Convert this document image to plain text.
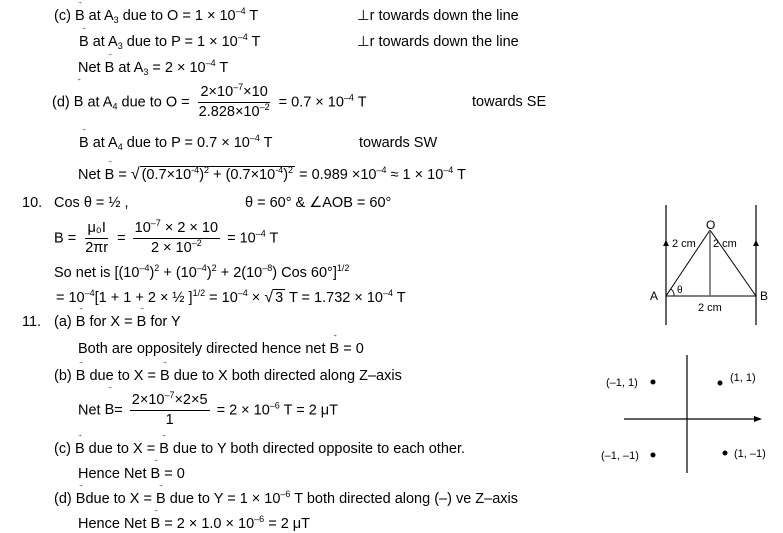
(c) → B at $A_3$ due to $O = 1 \times 10^{-4}$ T	⊥r towards down the line
→ B at $A_3$ due to $P = 1 \times 10^{-4}$ T	⊥r towards down the line
Net → B at $A_3 = 2 \times 10^{-4}$ T
(d) → B at $A_4$ due to $O = \frac{2\times 10^{-7}\times 10}{2.828\times 10^{-2}} = 0.7 \times 10^{-4}$ T	towards SE
→ B at $A_4$ due to $P = 0.7 \times 10^{-4}$ T	towards SW
Net → B = √ $(0.7\times 10^{-4})^2 + (0.7\times 10^{-4})^2 = 0.989 \times 10^{-4} \approx 1 \times 10^{-4}$ T
10. Cos θ = ½ ,	θ = 60° & ∠AOB = 60°
$B = \frac{\text{μ₀I}}{2\pi r} = \frac{10^{-7} \times 2 \times 10}{2 \times 10^{-2}} = 10^{-4}$ T
So net is [$(10^{-4})^2 + (10^{-4})^2 + 2(10^{-8})$ Cos 60°]$^{1/2}$
= $10^{-4}[1 + 1 + 2$ × ½ ]$^{1/2} = 10^{-4}$ × √ 3 $T = 1.732 \times 10^{-4}$ T
O
A	B
θ
2 cm 2 cm
2 cm
11. (a) → B for X = → B for Y
Both are oppositely directed hence net → B = 0
(b) → B due to X = → B due to X both directed along Z–axis
Net → $B= \frac{2\times 10^{-7}\times 2\times 5}{1} = 2 \times 10^{-6}$ T = 2 μT
(c) → B due to X = → B due to Y both directed opposite to each other.
Hence Net → B = 0
(d) → Bdue to X = → B due to $Y = 1 \times 10^{-6}$ T both directed along (–) ve Z–axis
Hence Net → $B = 2 \times 1.0 \times 10^{-6} = 2$ μT
(–1, 1)	(1, 1)
(–1, –1)	(1, –1)
